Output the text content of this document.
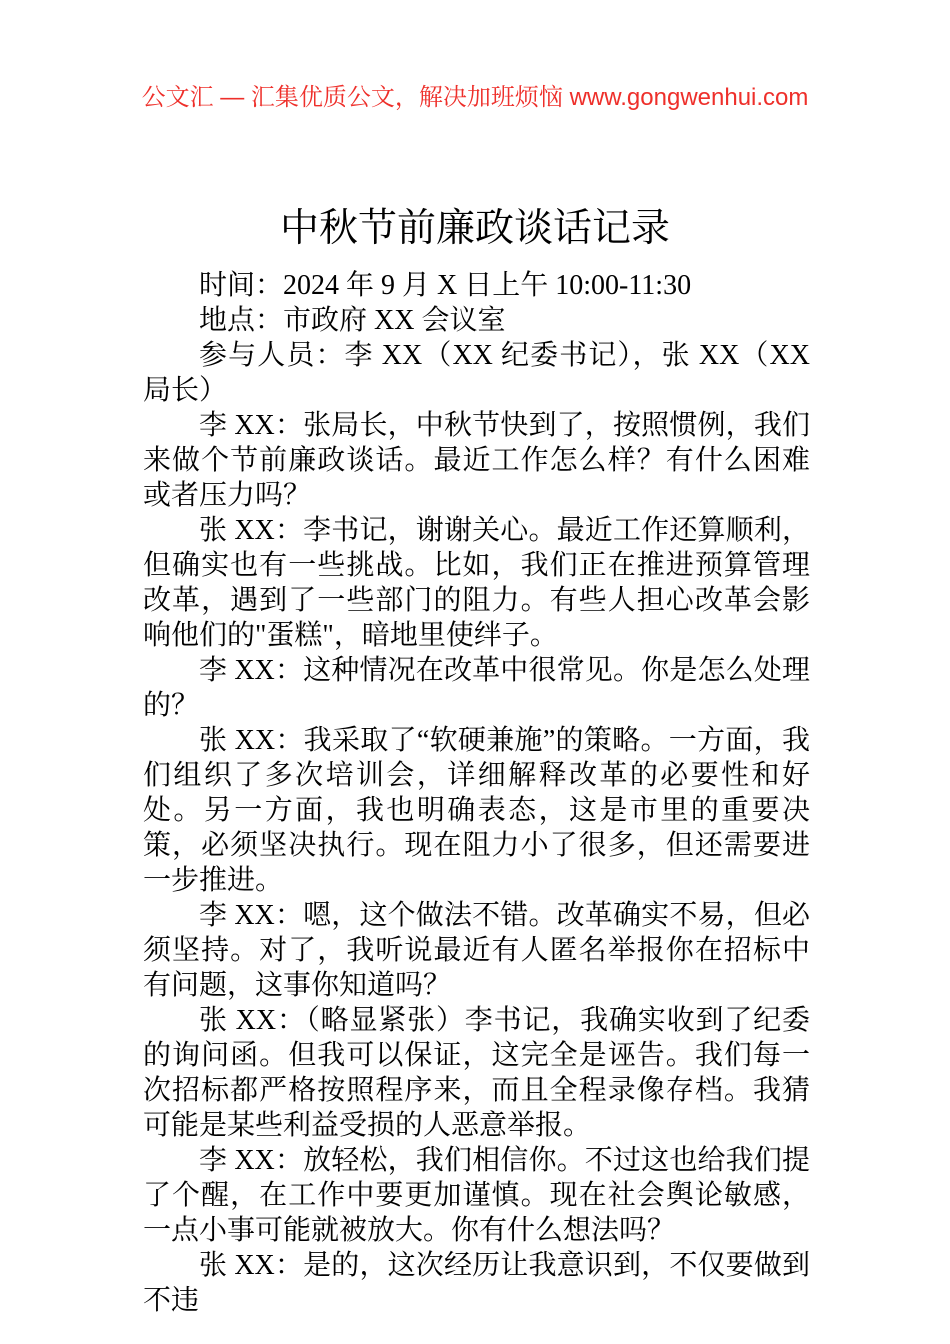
公文汇 — 汇集优质公文，解决加班烦恼 www.gongwenhui.com
中秋节前廉政谈话记录

时间：2024 年 9 月 X 日上午 10:00-11:30

地点：市政府 XX 会议室

参与人员：李 XX（XX 纪委书记），张 XX（XX 局长）

李 XX：张局长，中秋节快到了，按照惯例，我们来做个节前廉政谈话。最近工作怎么样？有什么困难或者压力吗？

张 XX：李书记，谢谢关心。最近工作还算顺利，但确实也有一些挑战。比如，我们正在推进预算管理改革，遇到了一些部门的阻力。有些人担心改革会影响他们的"蛋糕"，暗地里使绊子。

李 XX：这种情况在改革中很常见。你是怎么处理的？

张 XX：我采取了“软硬兼施”的策略。一方面，我们组织了多次培训会，详细解释改革的必要性和好处。另一方面，我也明确表态，这是市里的重要决策，必须坚决执行。现在阻力小了很多，但还需要进一步推进。

李 XX：嗯，这个做法不错。改革确实不易，但必须坚持。对了，我听说最近有人匿名举报你在招标中有问题，这事你知道吗？

张 XX：（略显紧张）李书记，我确实收到了纪委的询问函。但我可以保证，这完全是诬告。我们每一次招标都严格按照程序来，而且全程录像存档。我猜可能是某些利益受损的人恶意举报。

李 XX：放轻松，我们相信你。不过这也给我们提了个醒，在工作中要更加谨慎。现在社会舆论敏感，一点小事可能就被放大。你有什么想法吗？

张 XX：是的，这次经历让我意识到，不仅要做到不违
